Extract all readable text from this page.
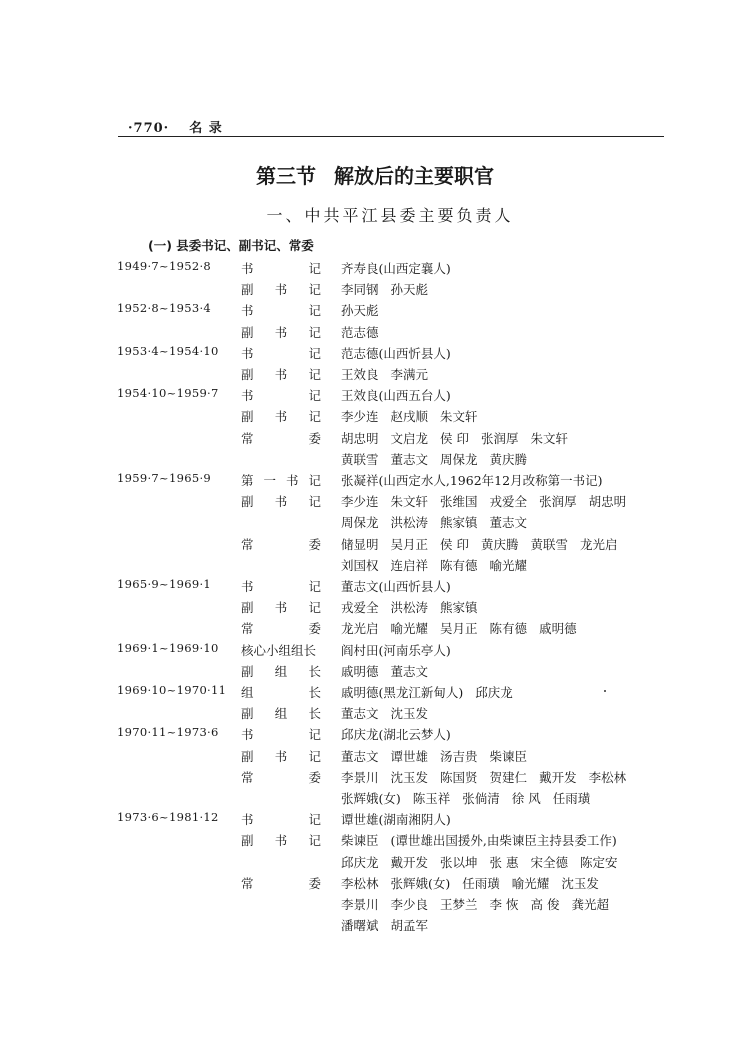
·770· 名 录
第三节 解放后的主要职官
一、中共平江县委主要负责人
(一) 县委书记、副书记、常委
1949·7~1952·8 书	记 齐寿良(山西定襄人)
副 书 记 李同钢 孙天彪
1952·8~1953·4 书	记 孙天彪
副 书 记 范志德
1953·4~1954·10 书	记 范志德(山西忻县人)
副 书 记 王效良 李满元
1954·10~1959·7 书	记 王效良(山西五台人)
副 书 记 李少连 赵戌顺 朱文轩
常	委 胡忠明 文启龙 侯 印 张润厚 朱文轩
黄联雪 董志文 周保龙 黄庆腾
1959·7~1965·9 第 一 书 记 张凝祥(山西定水人,1962年12月改称第一书记)
副 书 记 李少连 朱文轩 张维国 戎爱全 张润厚 胡忠明
周保龙 洪松涛 熊家镇 董志文
常	委 储显明 吴月正 侯 印 黄庆腾 黄联雪 龙光启
刘国权 连启祥 陈有德 喻光耀
1965·9~1969·1 书	记 董志文(山西忻县人)
副 书 记 戎爱全 洪松涛 熊家镇
常	委 龙光启 喻光耀 吴月正 陈有德 戚明德
1969·1~1969·10 核心小组组长	阎村田(河南乐亭人)
副 组 长 戚明德 董志文
1969·10~1970·11 组	长 戚明德(黑龙江新甸人) 邱庆龙
副 组 长 董志文 沈玉发
1970·11~1973·6 书	记 邱庆龙(湖北云梦人)
副 书 记 董志文 谭世雄 汤吉贵 柴谏臣
常	委 李景川 沈玉发 陈国贤 贺建仁 戴开发 李松林
张辉娥(女) 陈玉祥 张倘清 徐 风 任雨璜
1973·6~1981·12 书	记 谭世雄(湖南湘阴人)
副 书 记 柴谏臣 (谭世雄出国援外,由柴谏臣主持县委工作)
邱庆龙 戴开发 张以坤 张 惠 宋全德 陈定安
常	委 李松林 张辉娥(女) 任雨璜 喻光耀 沈玉发
李景川 李少良 王梦兰 李 恢 高 俊 龚光超
潘曙斌 胡孟军
